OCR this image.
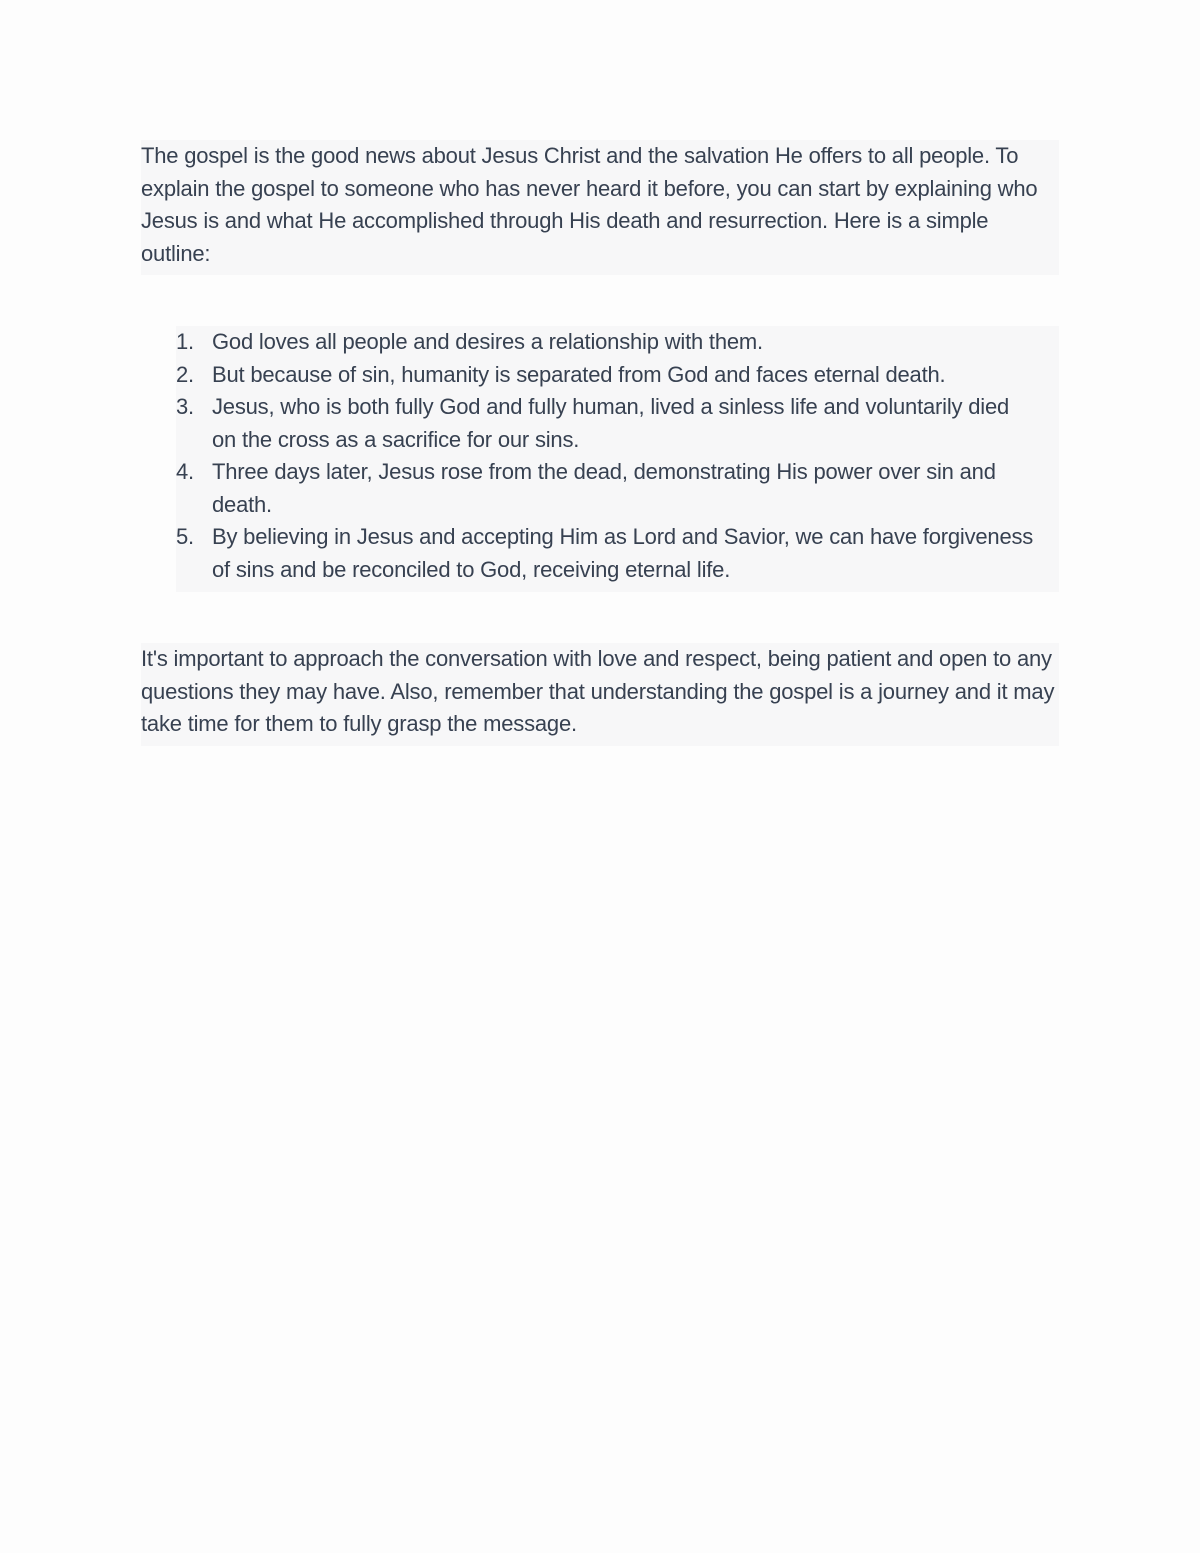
The gospel is the good news about Jesus Christ and the salvation He offers to all people. To explain the gospel to someone who has never heard it before, you can start by explaining who Jesus is and what He accomplished through His death and resurrection. Here is a simple outline:

1. God loves all people and desires a relationship with them.
2. But because of sin, humanity is separated from God and faces eternal death.
3. Jesus, who is both fully God and fully human, lived a sinless life and voluntarily died on the cross as a sacrifice for our sins.
4. Three days later, Jesus rose from the dead, demonstrating His power over sin and death.
5. By believing in Jesus and accepting Him as Lord and Savior, we can have forgiveness of sins and be reconciled to God, receiving eternal life.

It's important to approach the conversation with love and respect, being patient and open to any questions they may have. Also, remember that understanding the gospel is a journey and it may take time for them to fully grasp the message.
